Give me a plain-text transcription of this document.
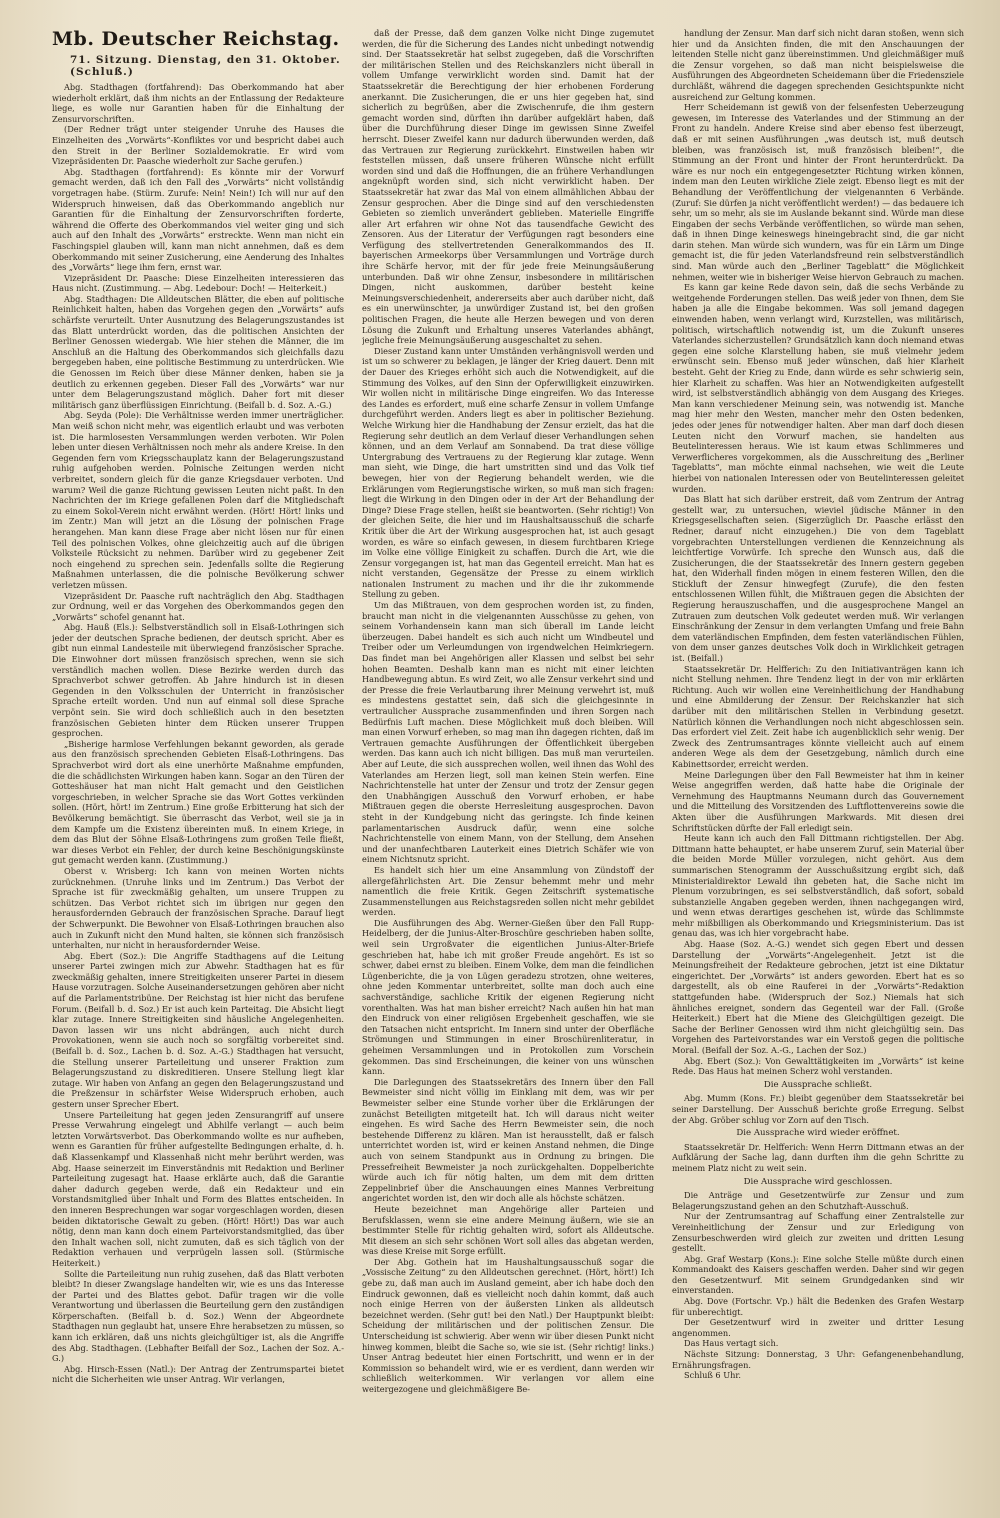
Mb. Deutscher Reichstag.
71. Sitzung. Dienstag, den 31. Oktober. (Schluß.)

Abg. Stadthagen (fortfahrend): Das Oberkommando hat aber wiederholt erklärt, daß ihm nichts an der Entlassung der Redakteure liege, es wolle nur Garantien haben für die Einhaltung der Zensurvorschriften.

(Der Redner trägt unter steigender Unruhe des Hauses die Einzelheiten des „Vorwärts“-Konfliktes vor und bespricht dabei auch den Streit in der Berliner Sozialdemokratie. Er wird vom Vizepräsidenten Dr. Paasche wiederholt zur Sache gerufen.)

Abg. Stadthagen (fortfahrend): Es könnte mir der Vorwurf gemacht werden, daß ich den Fall des „Vorwärts“ nicht vollständig vorgetragen habe. (Stürm. Zurufe: Nein! Nein!) Ich will nur auf den Widerspruch hinweisen, daß das Oberkommando angeblich nur Garantien für die Einhaltung der Zensurvorschriften forderte, während die Offerte des Oberkommandos viel weiter ging und sich auch auf den Inhalt des „Vorwärts“ erstreckte. Wenn man nicht ein Faschingspiel glauben will, kann man nicht annehmen, daß es dem Oberkommando mit seiner Zusicherung, eine Aenderung des Inhaltes des „Vorwärts“ liege ihm fern, ernst war.

Vizepräsident Dr. Paasche: Diese Einzelheiten interessieren das Haus nicht. (Zustimmung. — Abg. Ledebour: Doch! — Heiterkeit.)

Abg. Stadthagen: Die Alldeutschen Blätter, die eben auf politische Reinlichkeit halten, haben das Vorgehen gegen den „Vorwärts“ aufs schärfste verurteilt. Unter Ausnutzung des Belagerungszustandes ist das Blatt unterdrückt worden, das die politischen Ansichten der Berliner Genossen wiedergab. Wie hier stehen die Männer, die im Anschluß an die Haltung des Oberkommandos sich gleichfalls dazu bergegeben haben, eine politische Bestimmung zu unterdrücken. Wie die Genossen im Reich über diese Männer denken, haben sie ja deutlich zu erkennen gegeben. Dieser Fall des „Vorwärts“ war nur unter dem Belagerungszustand möglich. Daher fort mit dieser militärisch ganz überflüssigen Einrichtung. (Beifall b. d. Soz. A.-G.)

Abg. Seyda (Pole): Die Verhältnisse werden immer unerträglicher. Man weiß schon nicht mehr, was eigentlich erlaubt und was verboten ist. Die harmlosesten Versammlungen werden verboten. Wir Polen leben unter diesen Verhältnissen noch mehr als andere Kreise. In den Gegenden fern vom Kriegsschauplatz kann der Belagerungszustand ruhig aufgehoben werden. Polnische Zeitungen werden nicht verbreitet, sondern gleich für die ganze Kriegsdauer verboten. Und warum? Weil die ganze Richtung gewissen Leuten nicht paßt. In den Nachrichten der im Kriege gefallenen Polen darf die Mitgliedschaft zu einem Sokol-Verein nicht erwähnt werden. (Hört! Hört! links und im Zentr.) Man will jetzt an die Lösung der polnischen Frage herangehen. Man kann diese Frage aber nicht lösen nur für einen Teil des polnischen Volkes, ohne gleichzeitig auch auf die übrigen Volksteile Rücksicht zu nehmen. Darüber wird zu gegebener Zeit noch eingehend zu sprechen sein. Jedenfalls sollte die Regierung Maßnahmen unterlassen, die die polnische Bevölkerung schwer verletzen müssen.

Vizepräsident Dr. Paasche ruft nachträglich den Abg. Stadthagen zur Ordnung, weil er das Vorgehen des Oberkommandos gegen den „Vorwärts“ schofel genannt hat.

Abg. Hauß (Els.): Selbstverständlich soll in Elsaß-Lothringen sich jeder der deutschen Sprache bedienen, der deutsch spricht. Aber es gibt nun einmal Landesteile mit überwiegend französischer Sprache. Die Einwohner dort müssen französisch sprechen, wenn sie sich verständlich machen wollen. Diese Bezirke werden durch das Sprachverbot schwer getroffen. Ab Jahre hindurch ist in diesen Gegenden in den Volksschulen der Unterricht in französischer Sprache erteilt worden. Und nun auf einmal soll diese Sprache verpönt sein. Sie wird doch schließlich auch in den besetzten französischen Gebieten hinter dem Rücken unserer Truppen gesprochen.

„Bisherige harmlose Verfehlungen bekannt geworden, als gerade aus den französisch sprechenden Gebieten Elsaß-Lothringens. Das Sprachverbot wird dort als eine unerhörte Maßnahme empfunden, die die schädlichsten Wirkungen haben kann. Sogar an den Türen der Gotteshäuser hat man nicht Halt gemacht und den Geistlichen vorgeschrieben, in welcher Sprache sie das Wort Gottes verkünden sollen. (Hört, hört! im Zentrum.) Eine große Erbitterung hat sich der Bevölkerung bemächtigt. Sie überrascht das Verbot, weil sie ja in dem Kampfe um die Existenz übereinten muß. In einem Kriege, in dem das Blut der Söhne Elsaß-Lothringens zum großen Teile fließt, war dieses Verbot ein Fehler, der durch keine Beschönigungskünste gut gemacht werden kann. (Zustimmung.)

Oberst v. Wrisberg: Ich kann von meinen Worten nichts zurücknehmen. (Unruhe links und im Zentrum.) Das Verbot der Sprache ist für zweckmäßig gehalten, um unsere Truppen zu schützen. Das Verbot richtet sich im übrigen nur gegen den herausfordernden Gebrauch der französischen Sprache. Darauf liegt der Schwerpunkt. Die Bewohner von Elsaß-Lothringen brauchen also auch in Zukunft nicht den Mund halten, sie können sich französisch unterhalten, nur nicht in herausfordernder Weise.

Abg. Ebert (Soz.): Die Angriffe Stadthagens auf die Leitung unserer Partei zwingen mich zur Abwehr. Stadthagen hat es für zweckmäßig gehalten, innere Streitigkeiten unserer Partei in diesem Hause vorzutragen. Solche Auseinandersetzungen gehören aber nicht auf die Parlamentstribüne. Der Reichstag ist hier nicht das berufene Forum. (Beifall b. d. Soz.) Er ist auch kein Parteitag. Die Absicht liegt klar zutage. Innere Streitigkeiten sind häusliche Angelegenheiten. Davon lassen wir uns nicht abdrängen, auch nicht durch Provokationen, wenn sie auch noch so sorgfältig vorbereitet sind. (Beifall b. d. Soz., Lachen b. d. Soz. A.-G.) Stadthagen hat versucht, die Stellung unserer Parteileitung und unserer Fraktion zum Belagerungszustand zu diskreditieren. Unsere Stellung liegt klar zutage. Wir haben von Anfang an gegen den Belagerungszustand und die Preßzensur in schärfster Weise Widerspruch erhoben, auch gestern unser Sprecher Ebert.

Unsere Parteileitung hat gegen jeden Zensurangriff auf unsere Presse Verwahrung eingelegt und Abhilfe verlangt — auch beim letzten Vorwärtsverbot. Das Oberkommando wollte es nur aufheben, wenn es Garantien für früher aufgestellte Bedingungen erhalte, d. h. daß Klassenkampf und Klassenhaß nicht mehr berührt werden, was Abg. Haase seinerzeit im Einverständnis mit Redaktion und Berliner Parteileitung zugesagt hat. Haase erklärte auch, daß die Garantie daher dadurch gegeben werde, daß ein Redakteur und ein Vorstandsmitglied über Inhalt und Form des Blattes entscheiden. In den inneren Besprechungen war sogar vorgeschlagen worden, diesen beiden diktatorische Gewalt zu geben. (Hört! Hört!) Das war auch nötig, denn man kann doch einem Parteivorstandsmitglied, das über den Inhalt wachen soll, nicht zumuten, daß es sich täglich von der Redaktion verhauen und verprügeln lassen soll. (Stürmische Heiterkeit.)

Sollte die Parteileitung nun ruhig zusehen, daß das Blatt verboten bleibt? In dieser Zwangslage handelten wir, wie es uns das Interesse der Partei und des Blattes gebot. Dafür tragen wir die volle Verantwortung und überlassen die Beurteilung gern den zuständigen Körperschaften. (Beifall b. d. Soz.) Wenn der Abgeordnete Stadthagen nun geglaubt hat, unsere Ehre herabsetzen zu müssen, so kann ich erklären, daß uns nichts gleichgültiger ist, als die Angriffe des Abg. Stadthagen. (Lebhafter Beifall der Soz., Lachen der Soz. A.-G.)

Abg. Hirsch-Essen (Natl.): Der Antrag der Zentrumspartei bietet nicht die Sicherheiten wie unser Antrag. Wir verlangen,

daß der Presse, daß dem ganzen Volke nicht Dinge zugemutet werden, die für die Sicherung des Landes nicht unbedingt notwendig sind. Der Staatssekretär hat selbst zugegeben, daß die Vorschriften der militärischen Stellen und des Reichskanzlers nicht überall in vollem Umfange verwirklicht worden sind. Damit hat der Staatssekretär die Berechtigung der hier erhobenen Forderung anerkannt. Die Zusicherungen, die er uns hier gegeben hat, sind sicherlich zu begrüßen, aber die Zwischenrufe, die ihm gestern gemacht worden sind, dürften ihn darüber aufgeklärt haben, daß über die Durchführung dieser Dinge im gewissen Sinne Zweifel herrscht. Dieser Zweifel kann nur dadurch überwunden werden, daß das Vertrauen zur Regierung zurückkehrt. Einstweilen haben wir feststellen müssen, daß unsere früheren Wünsche nicht erfüllt worden sind und daß die Hoffnungen, die an frühere Verhandlungen angeknüpft worden sind, sich nicht verwirklicht haben. Der Staatssekretär hat zwar das Mal von einem allmählichen Abbau der Zensur gesprochen. Aber die Dinge sind auf den verschiedensten Gebieten so ziemlich unverändert geblieben. Materielle Eingriffe aller Art erfahren wir ohne Not das tausendfache Gewicht des Zensoren. Aus der Literatur der Verfügungen ragt besonders eine Verfügung des stellvertretenden Generalkommandos des II. bayerischen Armeekorps über Versammlungen und Vorträge durch ihre Schärfe hervor, mit der für jede freie Meinungsäußerung unterbunden. Daß wir ohne Zensur, insbesondere in militärischen Dingen, nicht auskommen, darüber besteht keine Meinungsverschiedenheit, andererseits aber auch darüber nicht, daß es ein unerwünschter, ja unwürdiger Zustand ist, bei den großen politischen Fragen, die heute alle Herzen bewegen und von deren Lösung die Zukunft und Erhaltung unseres Vaterlandes abhängt, jegliche freie Meinungsäußerung ausgeschaltet zu sehen.

Dieser Zustand kann unter Umständen verhängnisvoll werden und ist um so schwerer zu beklagen, je länger der Krieg dauert. Denn mit der Dauer des Krieges erhöht sich auch die Notwendigkeit, auf die Stimmung des Volkes, auf den Sinn der Opferwilligkeit einzuwirken. Wir wollen nicht in militärische Dinge eingreifen. Wo das Interesse des Landes es erfordert, muß eine scharfe Zensur in vollem Umfange durchgeführt werden. Anders liegt es aber in politischer Beziehung. Welche Wirkung hier die Handhabung der Zensur erzielt, das hat die Regierung sehr deutlich an dem Verlauf dieser Verhandlungen sehen können, und an dem Verlauf am Sonnabend. Da trat diese völlige Untergrabung des Vertrauens zu der Regierung klar zutage. Wenn man sieht, wie Dinge, die hart umstritten sind und das Volk tief bewegen, hier von der Regierung behandelt werden, wie die Erklärungen vom Regierungstische wirken, so muß man sich fragen: liegt die Wirkung in den Dingen oder in der Art der Behandlung der Dinge? Diese Frage stellen, heißt sie beantworten. (Sehr richtig!) Von der gleichen Seite, die hier und im Haushaltsausschuß die scharfe Kritik über die Art der Wirkung ausgesprochen hat, ist auch gesagt worden, es wäre so einfach gewesen, in diesem furchtbaren Kriege im Volke eine völlige Einigkeit zu schaffen. Durch die Art, wie die Zensur vorgegangen ist, hat man das Gegenteil erreicht. Man hat es nicht verstanden, Gegensätze der Presse zu einem wirklich nationalen Instrument zu machen und ihr die ihr zukommende Stellung zu geben.

Um das Mißtrauen, von dem gesprochen worden ist, zu finden, braucht man nicht in die vielgenannten Ausschüsse zu gehen, von seinem Vorhandensein kann man sich überall im Lande leicht überzeugen. Dabei handelt es sich auch nicht um Windbeutel und Treiber oder um Verleumdungen von irgendwelchen Heimkriegern. Das findet man bei Angehörigen aller Klassen und selbst bei sehr hohen Beamten. Deshalb kann man es nicht mit einer leichten Handbewegung abtun. Es wird Zeit, wo alle Zensur verkehrt sind und der Presse die freie Verlautbarung ihrer Meinung verwehrt ist, muß es mindestens gestattet sein, daß sich die gleichgesinnte in vertraulicher Aussprache zusammenfinden und ihren Sorgen nach Bedürfnis Luft machen. Diese Möglichkeit muß doch bleiben. Will man einen Vorwurf erheben, so mag man ihn dagegen richten, daß im Vertrauen gemachte Ausführungen der Öffentlichkeit übergeben werden. Das kann auch ich nicht billigen. Das muß man verurteilen. Aber auf Leute, die sich aussprechen wollen, weil ihnen das Wohl des Vaterlandes am Herzen liegt, soll man keinen Stein werfen. Eine Nachrichtenstelle hat unter der Zensur und trotz der Zensur gegen den Unabhängigen Ausschuß den Vorwurf erhoben, er habe Mißtrauen gegen die oberste Herresleitung ausgesprochen. Davon steht in der Kundgebung nicht das geringste. Ich finde keinen parlamentarischen Ausdruck dafür, wenn eine solche Nachrichtenstelle von einem Mann, von der Stellung, dem Ansehen und der unanfechtbaren Lauterkeit eines Dietrich Schäfer wie von einem Nichtsnutz spricht.

Es handelt sich hier um eine Ansammlung von Zündstoff der allergefährlichsten Art. Die Zensur behemmt mehr und mehr namentlich die freie Kritik. Gegen Zeitschrift systematische Zusammenstellungen aus Reichstagsreden sollen nicht mehr gebildet werden.

Die Ausführungen des Abg. Werner-Gießen über den Fall Rupp-Heidelberg, der die Junius-Alter-Broschüre geschrieben haben sollte, weil sein Urgroßvater die eigentlichen Junius-Alter-Briefe geschrieben hat, habe ich mit großer Freude angehört. Es ist so schwer, dabei ernst zu bleiben. Einem Volke, dem man die feindlichen Lügenberichte, die ja von Lügen geradezu strotzen, ohne weiteres, ohne jeden Kommentar unterbreitet, sollte man doch auch eine sachverständige, sachliche Kritik der eigenen Regierung nicht vorenthalten. Was hat man bisher erreicht? Nach außen hin hat man den Eindruck von einer religiösen Ergebenheit geschaffen, wie sie den Tatsachen nicht entspricht. Im Innern sind unter der Oberfläche Strömungen und Stimmungen in einer Broschürenliteratur, in geheimen Versammlungen und in Protokollen zum Vorschein gekommen. Das sind Erscheinungen, die keiner von uns wünschen kann.

Die Darlegungen des Staatssekretärs des Innern über den Fall Bewmeister sind nicht völlig im Einklang mit dem, was wir per Bewmeister selber eine Stunde vorher über die Erklärungen der zunächst Beteiligten mitgeteilt hat. Ich will daraus nicht weiter eingehen. Es wird Sache des Herrn Bewmeister sein, die noch bestehende Differenz zu klären. Man ist herausstellt, daß er falsch unterrichtet worden ist, wird er keinen Anstand nehmen, die Dinge auch von seinem Standpunkt aus in Ordnung zu bringen. Die Pressefreiheit Bewmeister ja noch zurückgehalten. Doppelberichte würde auch ich für nötig halten, um dem mit dem dritten Zeppelinbrief über die Anschauungen eines Mannes Verbreitung angerichtet worden ist, den wir doch alle als höchste schätzen.

Heute bezeichnet man Angehörige aller Parteien und Berufsklassen, wenn sie eine andere Meinung äußern, wie sie an bestimmter Stelle für richtig gehalten wird, sofort als Alldeutsche. Mit diesem an sich sehr schönen Wort soll alles das abgetan werden, was diese Kreise mit Sorge erfüllt.

Der Abg. Gothein hat im Haushaltungsausschuß sogar die „Vossische Zeitung“ zu den Alldeutschen gerechnet. (Hört, hört!) Ich gebe zu, daß man auch im Ausland gemeint, aber ich habe doch den Eindruck gewonnen, daß es vielleicht noch dahin kommt, daß auch noch einige Herren von der äußersten Linken als alldeutsch bezeichnet werden. (Sehr gut! bei den Natl.) Der Hauptpunkt bleibt: Scheidung der militärischen und der politischen Zensur. Die Unterscheidung ist schwierig. Aber wenn wir über diesen Punkt nicht hinweg kommen, bleibt die Sache so, wie sie ist. (Sehr richtig! links.) Unser Antrag bedeutet hier einen Fortschritt, und wenn er in der Kommission so behandelt wird, wie er es verdient, dann werden wir schließlich weiterkommen. Wir verlangen vor allem eine weitergezogene und gleichmäßigere Be-

handlung der Zensur. Man darf sich nicht daran stoßen, wenn sich hier und da Ansichten finden, die mit den Anschauungen der leitenden Stelle nicht ganz übereinstimmen. Und gleichmäßiger muß die Zensur vorgehen, so daß man nicht beispielsweise die Ausführungen des Abgeordneten Scheidemann über die Friedensziele durchläßt, während die dagegen sprechenden Gesichtspunkte nicht ausreichend zur Geltung kommen.

Herr Scheidemann ist gewiß von der felsenfesten Ueberzeugung gewesen, im Interesse des Vaterlandes und der Stimmung an der Front zu handeln. Andere Kreise sind aber ebenso fest überzeugt, daß er mit seinen Ausführungen „was deutsch ist, muß deutsch bleiben, was französisch ist, muß französisch bleiben!“, die Stimmung an der Front und hinter der Front herunterdrückt. Da wäre es nur noch ein entgegengesetzter Richtung wirken können, indem man den Leuten wirkliche Ziele zeigt. Ebenso liegt es mit der Behandlung der Veröffentlichung der vielgenannten 6 Verbände. (Zuruf: Sie dürfen ja nicht veröffentlicht werden!) — das bedauere ich sehr, um so mehr, als sie im Auslande bekannt sind. Würde man diese Eingaben der sechs Verbände veröffentlichen, so würde man sehen, daß in ihnen Dinge keineswegs hineingebracht sind, die gar nicht darin stehen. Man würde sich wundern, was für ein Lärm um Dinge gemacht ist, die für jeden Vaterlandsfreund rein selbstverständlich sind. Man würde auch den „Berliner Tageblatt“ die Möglichkeit nehmen, weiter wie in bisheriger Weise hiervon Gebrauch zu machen.

Es kann gar keine Rede davon sein, daß die sechs Verbände zu weitgehende Forderungen stellen. Das weiß jeder von Ihnen, dem Sie haben ja alle die Eingabe bekommen. Was soll jemand dagegen einwenden haben, wenn verlangt wird, Kurzstellen, was militärisch, politisch, wirtschaftlich notwendig ist, um die Zukunft unseres Vaterlandes sicherzustellen? Grundsätzlich kann doch niemand etwas gegen eine solche Klarstellung haben, sie muß vielmehr jedem erwünscht sein. Ebenso muß jeder wünschen, daß hier Klarheit besteht. Geht der Krieg zu Ende, dann würde es sehr schwierig sein, hier Klarheit zu schaffen. Was hier an Notwendigkeiten aufgestellt wird, ist selbstverständlich abhängig von dem Ausgang des Krieges. Man kann verschiedener Meinung sein, was notwendig ist. Manche mag hier mehr den Westen, mancher mehr den Osten bedenken, jedes oder jenes für notwendiger halten. Aber man darf doch diesen Leuten nicht den Vorwurf machen, sie handelten aus Beutelinteressen heraus. Wie ist kaum etwas Schlimmeres und Verwerflicheres vorgekommen, als die Ausschreitung des „Berliner Tageblatts“, man möchte einmal nachsehen, wie weit die Leute hierbei von nationalen Interessen oder von Beutelinteressen geleitet wurden.

Das Blatt hat sich darüber erstreit, daß vom Zentrum der Antrag gestellt war, zu untersuchen, wieviel jüdische Männer in den Kriegsgesellschaften seien. (Sigerzüglich Dr. Paasche erlässt den Redner, darauf nicht einzugehen.) Die von dem Tageblatt vorgebrachten Unterstellungen verdienen die Kennzeichnung als leichtfertige Vorwürfe. Ich spreche den Wunsch aus, daß die Zusicherungen, die der Staatssekretär des Innern gestern gegeben hat, den Widerhall finden mögen in einem festeren Willen, den die Stickluft der Zensur hinwegfegt (Zurufe), die den festen entschlossenen Willen fühlt, die Mißtrauen gegen die Absichten der Regierung herauszuschaffen, und die ausgesprochene Mangel an Zutrauen zum deutschen Volk gedeutet werden muß. Wir verlangen Einschränkung der Zensur in dem verlangten Umfang und freie Bahn dem vaterländischen Empfinden, dem festen vaterländischen Fühlen, von dem unser ganzes deutsches Volk doch in Wirklichkeit getragen ist. (Beifall.)

Staatssekretär Dr. Helfferich: Zu den Initiativanträgen kann ich nicht Stellung nehmen. Ihre Tendenz liegt in der von mir erklärten Richtung. Auch wir wollen eine Vereinheitlichung der Handhabung und eine Abmilderung der Zensur. Der Reichskanzler hat sich darüber mit den militärischen Stellen in Verbindung gesetzt. Natürlich können die Verhandlungen noch nicht abgeschlossen sein. Das erfordert viel Zeit. Zeit habe ich augenblicklich sehr wenig. Der Zweck des Zentrumsantrages könnte vielleicht auch auf einem anderen Wege als dem der Gesetzgebung, nämlich durch eine Kabinettsorder, erreicht werden.

Meine Darlegungen über den Fall Bewmeister hat ihm in keiner Weise angegriffen werden, daß hatte habe die Originale der Vernehmung des Hauptmanns Neumann durch das Gouvernement und die Mitteilung des Vorsitzenden des Luftflottenvereins sowie die Akten über die Ausführungen Markwards. Mit diesen drei Schriftstücken dürfte der Fall erledigt sein.

Heute kann ich auch den Fall Dittmann richtigstellen. Der Abg. Dittmann hatte behauptet, er habe unserem Zuruf, sein Material über die beiden Morde Müller vorzulegen, nicht gehört. Aus dem summarischen Stenogramm der Ausschußsitzung ergibt sich, daß Ministerialdirektor Lewald ihn gebeten hat, die Sache nicht im Plenum vorzubringen, es sei selbstverständlich, daß sofort, sobald substanzielle Angaben gegeben werden, ihnen nachgegangen wird, und wenn etwas derartiges geschehen ist, würde das Schlimmste mehr mißbilligen als Oberkommando und Kriegsministerium. Das ist genau das, was ich hier vorgebracht habe.

Abg. Haase (Soz. A.-G.) wendet sich gegen Ebert und dessen Darstellung der „Vorwärts“-Angelegenheit. Jetzt ist die Meinungsfreiheit der Redakteure gebrochen, jetzt ist eine Diktatur eingerichtet. Der „Vorwärts“ ist anders geworden. Ebert hat es so dargestellt, als ob eine Rauferei in der „Vorwärts“-Redaktion stattgefunden habe. (Widerspruch der Soz.) Niemals hat sich ähnliches ereignet, sondern das Gegenteil war der Fall. (Große Heiterkeit.) Ebert hat die Miene des Gleichgültigen gezeigt. Die Sache der Berliner Genossen wird ihm nicht gleichgültig sein. Das Vorgehen des Parteivorstandes war ein Verstoß gegen die politische Moral. (Beifall der Soz. A.-G., Lachen der Soz.)

Abg. Ebert (Soz.): Von Gewalttätigkeiten im „Vorwärts“ ist keine Rede. Das Haus hat meinen Scherz wohl verstanden.

Die Aussprache schließt.

Abg. Mumm (Kons. Fr.) bleibt gegenüber dem Staatssekretär bei seiner Darstellung. Der Ausschuß berichte große Erregung. Selbst der Abg. Gröber schlug vor Zorn auf den Tisch.

Die Aussprache wird wieder eröffnet.

Staatssekretär Dr. Helfferich: Wenn Herrn Dittmann etwas an der Aufklärung der Sache lag, dann durften ihm die gehn Schritte zu meinem Platz nicht zu weit sein.

Die Aussprache wird geschlossen.

Die Anträge und Gesetzentwürfe zur Zensur und zum Belagerungszustand gehen an den Schutzhaft-Ausschuß.

Nur der Zentrumsantrag auf Schaffung einer Zentralstelle zur Vereinheitlichung der Zensur und zur Erledigung von Zensurbeschwerden wird gleich zur zweiten und dritten Lesung gestellt.

Abg. Graf Westarp (Kons.): Eine solche Stelle müßte durch einen Kommandoakt des Kaisers geschaffen werden. Daher sind wir gegen den Gesetzentwurf. Mit seinem Grundgedanken sind wir einverstanden.

Abg. Dove (Fortschr. Vp.) hält die Bedenken des Grafen Westarp für unberechtigt.

Der Gesetzentwurf wird in zweiter und dritter Lesung angenommen.

Das Haus vertagt sich.

Nächste Sitzung: Donnerstag, 3 Uhr: Gefangenenbehandlung, Ernährungsfragen.

Schluß 6 Uhr.
